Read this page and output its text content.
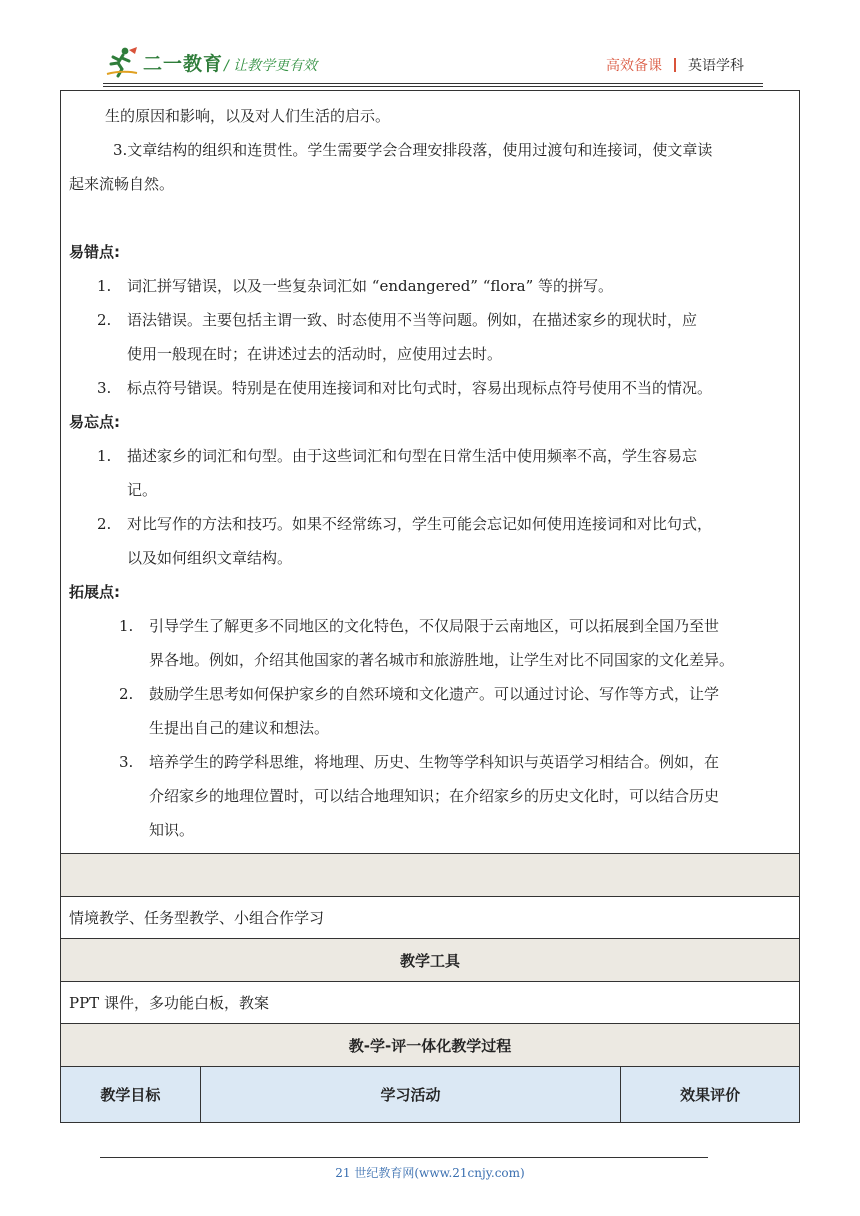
二一教育 / 让教学更有效	高效备课 英语学科

生的原因和影响，以及对人们生活的启示。

3.文章结构的组织和连贯性。学生需要学会合理安排段落，使用过渡句和连接词，使文章读

起来流畅自然。

易错点:

1. 词汇拼写错误，以及一些复杂词汇如 “endangered” “flora” 等的拼写。
2. 语法错误。主要包括主谓一致、时态使用不当等问题。例如，在描述家乡的现状时，应
使用一般现在时；在讲述过去的活动时，应使用过去时。
3. 标点符号错误。特别是在使用连接词和对比句式时，容易出现标点符号使用不当的情况。

易忘点:

1. 描述家乡的词汇和句型。由于这些词汇和句型在日常生活中使用频率不高，学生容易忘
记。
2. 对比写作的方法和技巧。如果不经常练习，学生可能会忘记如何使用连接词和对比句式，
以及如何组织文章结构。

拓展点:

1. 引导学生了解更多不同地区的文化特色，不仅局限于云南地区，可以拓展到全国乃至世
界各地。例如，介绍其他国家的著名城市和旅游胜地，让学生对比不同国家的文化差异。
2. 鼓励学生思考如何保护家乡的自然环境和文化遗产。可以通过讨论、写作等方式，让学
生提出自己的建议和想法。
3. 培养学生的跨学科思维，将地理、历史、生物等学科知识与英语学习相结合。例如，在
介绍家乡的地理位置时，可以结合地理知识；在介绍家乡的历史文化时，可以结合历史
知识。

情境教学、任务型教学、小组合作学习
教学工具
PPT 课件，多功能白板，教案
教-学-评一体化教学过程
教学目标	学习活动	效果评价
21 世纪教育网(www.21cnjy.com)
